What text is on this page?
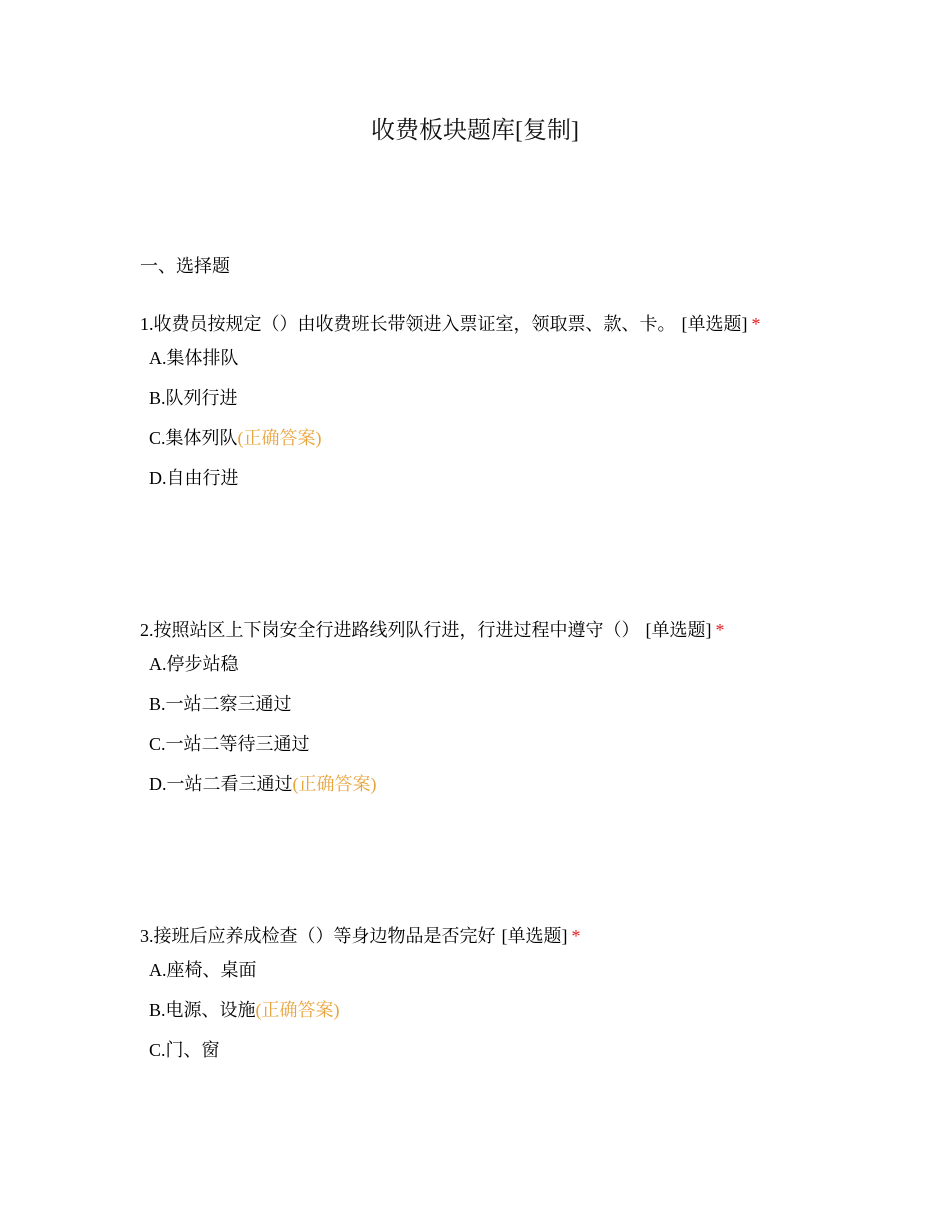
收费板块题库[复制]
一、选择题

1.收费员按规定（）由收费班长带领进入票证室，领取票、款、卡。 [单选题] *

A.集体排队
B.队列行进
C.集体列队(正确答案)
D.自由行进

2.按照站区上下岗安全行进路线列队行进，行进过程中遵守（） [单选题] *

A.停步站稳
B.一站二察三通过
C.一站二等待三通过
D.一站二看三通过(正确答案)

3.接班后应养成检查（）等身边物品是否完好 [单选题] *

A.座椅、桌面
B.电源、设施(正确答案)
C.门、窗
